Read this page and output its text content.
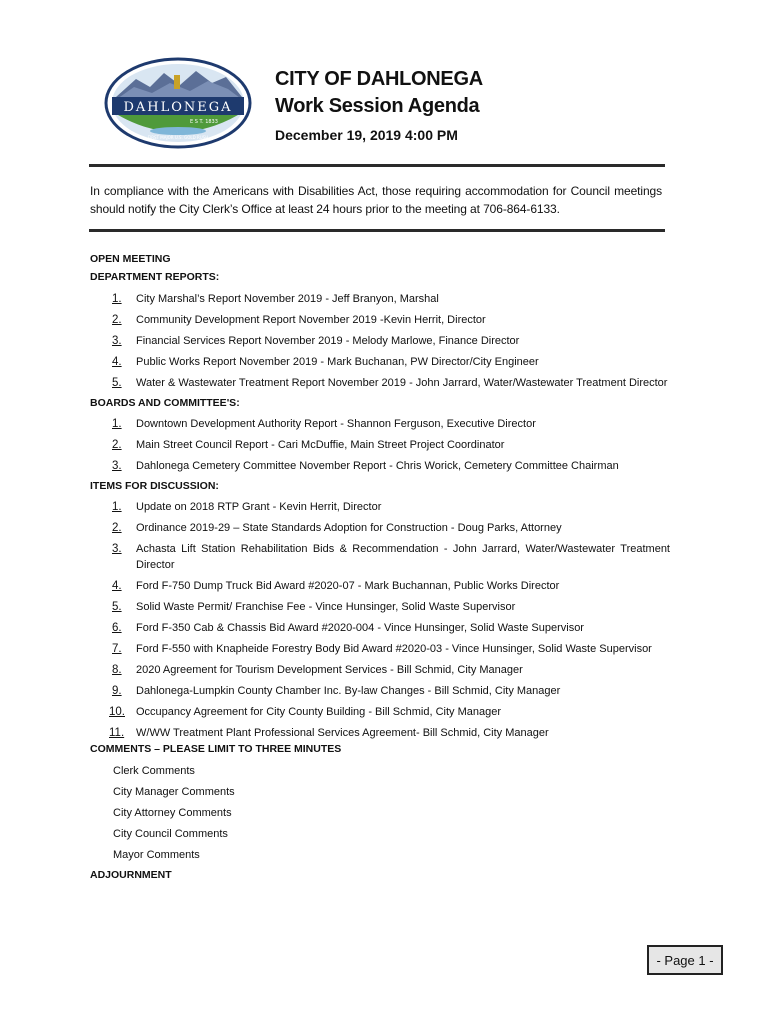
DAHLONEGA
E S T. 1833
FIRST MAJOR U.S. GOLD RUSH
CITY OF DAHLONEGA
Work Session Agenda
December 19, 2019 4:00 PM
In compliance with the Americans with Disabilities Act, those requiring accommodation for Council meetings should notify the City Clerk’s Office at least 24 hours prior to the meeting at 706-864-6133.
OPEN MEETING
DEPARTMENT REPORTS:
1. City Marshal’s Report November 2019 - Jeff Branyon, Marshal
2. Community Development Report November 2019 -Kevin Herrit, Director
3. Financial Services Report November 2019 - Melody Marlowe, Finance Director
4. Public Works Report November 2019 - Mark Buchanan, PW Director/City Engineer
5. Water & Wastewater Treatment Report November 2019 - John Jarrard, Water/Wastewater Treatment Director
BOARDS AND COMMITTEE'S:
1. Downtown Development Authority Report - Shannon Ferguson, Executive Director
2. Main Street Council Report - Cari McDuffie, Main Street Project Coordinator
3. Dahlonega Cemetery Committee November Report - Chris Worick, Cemetery Committee Chairman
ITEMS FOR DISCUSSION:
1. Update on 2018 RTP Grant - Kevin Herrit, Director
2. Ordinance 2019-29 – State Standards Adoption for Construction - Doug Parks, Attorney
3. Achasta Lift Station Rehabilitation Bids & Recommendation - John Jarrard, Water/Wastewater Treatment Director
4. Ford F-750 Dump Truck Bid Award #2020-07 - Mark Buchannan, Public Works Director
5. Solid Waste Permit/ Franchise Fee - Vince Hunsinger, Solid Waste Supervisor
6. Ford F-350 Cab & Chassis Bid Award #2020-004 - Vince Hunsinger, Solid Waste Supervisor
7. Ford F-550 with Knapheide Forestry Body Bid Award #2020-03 - Vince Hunsinger, Solid Waste Supervisor
8. 2020 Agreement for Tourism Development Services - Bill Schmid, City Manager
9. Dahlonega-Lumpkin County Chamber Inc. By-law Changes - Bill Schmid, City Manager
10. Occupancy Agreement for City County Building - Bill Schmid, City Manager
11. W/WW Treatment Plant Professional Services Agreement- Bill Schmid, City Manager
COMMENTS – PLEASE LIMIT TO THREE MINUTES
Clerk Comments
City Manager Comments
City Attorney Comments
City Council Comments
Mayor Comments
ADJOURNMENT
- Page 1 -
